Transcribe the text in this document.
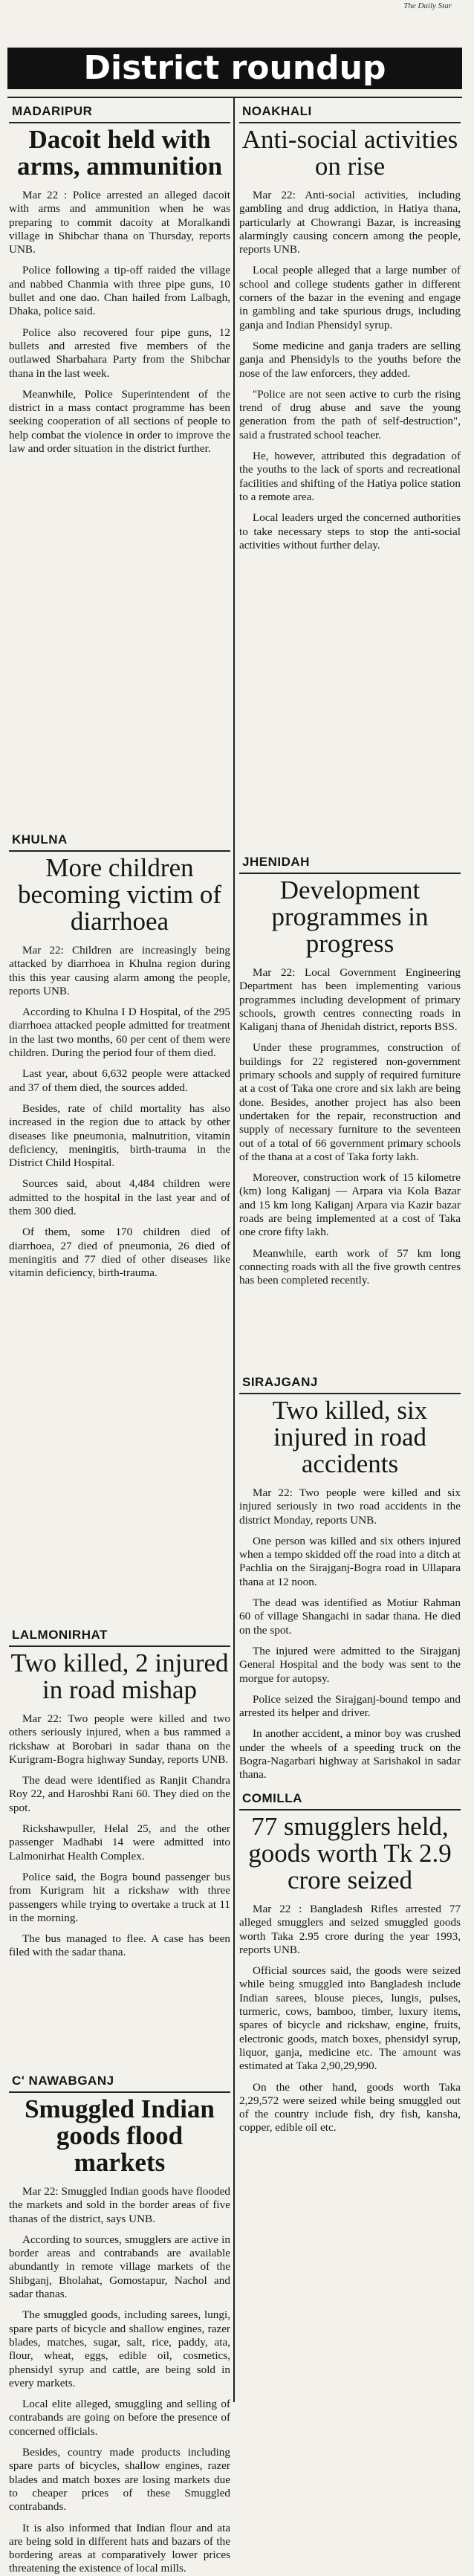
The Daily Star
District roundup
MADARIPUR
Dacoit held with arms, ammunition

Mar 22 : Police arrested an alleged dacoit with arms and ammunition when he was preparing to commit dacoity at Moralkandi village in Shibchar thana on Thursday, reports UNB.

Police following a tip-off raided the village and nabbed Chanmia with three pipe guns, 10 bullet and one dao. Chan hailed from Lalbagh, Dhaka, police said.

Police also recovered four pipe guns, 12 bullets and arrested five members of the outlawed Sharbahara Party from the Shibchar thana in the last week.

Meanwhile, Police Superintendent of the district in a mass contact programme has been seeking cooperation of all sections of people to help combat the violence in order to improve the law and order situation in the district further.

KHULNA
More children becoming victim of diarrhoea

Mar 22: Children are increasingly being attacked by diarrhoea in Khulna region during this this year causing alarm among the people, reports UNB.

According to Khulna I D Hospital, of the 295 diarrhoea attacked people admitted for treatment in the last two months, 60 per cent of them were children. During the period four of them died.

Last year, about 6,632 people were attacked and 37 of them died, the sources added.

Besides, rate of child mortality has also increased in the region due to attack by other diseases like pneumonia, malnutrition, vitamin deficiency, meningitis, birth-trauma in the District Child Hospital.

Sources said, about 4,484 children were admitted to the hospital in the last year and of them 300 died.

Of them, some 170 children died of diarrhoea, 27 died of pneumonia, 26 died of meningitis and 77 died of other diseases like vitamin deficiency, birth-trauma.

LALMONIRHAT
Two killed, 2 injured in road mishap

Mar 22: Two people were killed and two others seriously injured, when a bus rammed a rickshaw at Borobari in sadar thana on the Kurigram-Bogra highway Sunday, reports UNB.

The dead were identified as Ranjit Chandra Roy 22, and Haroshbi Rani 60. They died on the spot.

Rickshawpuller, Helal 25, and the other passenger Madhabi 14 were admitted into Lalmonirhat Health Complex.

Police said, the Bogra bound passenger bus from Kurigram hit a rickshaw with three passengers while trying to overtake a truck at 11 in the morning.

The bus managed to flee. A case has been filed with the sadar thana.

C' NAWABGANJ
Smuggled Indian goods flood markets

Mar 22: Smuggled Indian goods have flooded the markets and sold in the border areas of five thanas of the district, says UNB.

According to sources, smugglers are active in border areas and contrabands are available abundantly in remote village markets of the Shibganj, Bholahat, Gomostapur, Nachol and sadar thanas.

The smuggled goods, including sarees, lungi, spare parts of bicycle and shallow engines, razer blades, matches, sugar, salt, rice, paddy, ata, flour, wheat, eggs, edible oil, cosmetics, phensidyl syrup and cattle, are being sold in every markets.

Local elite alleged, smuggling and selling of contrabands are going on before the presence of concerned officials.

Besides, country made products including spare parts of bicycles, shallow engines, razer blades and match boxes are losing markets due to cheaper prices of these Smuggled contrabands.

It is also informed that Indian flour and ata are being sold in different hats and bazars of the bordering areas at comparatively lower prices threatening the existence of local mills.

NOAKHALI
Anti-social activities on rise

Mar 22: Anti-social activities, including gambling and drug addiction, in Hatiya thana, particularly at Chowrangi Bazar, is increasing alarmingly causing concern among the people, reports UNB.

Local people alleged that a large number of school and college students gather in different corners of the bazar in the evening and engage in gambling and take spurious drugs, including ganja and Indian Phensidyl syrup.

Some medicine and ganja traders are selling ganja and Phensidyls to the youths before the nose of the law enforcers, they added.

"Police are not seen active to curb the rising trend of drug abuse and save the young generation from the path of self-destruction", said a frustrated school teacher.

He, however, attributed this degradation of the youths to the lack of sports and recreational facilities and shifting of the Hatiya police station to a remote area.

Local leaders urged the concerned authorities to take necessary steps to stop the anti-social activities without further delay.

JHENIDAH
Development programmes in progress

Mar 22: Local Government Engineering Department has been implementing various programmes including development of primary schools, growth centres connecting roads in Kaliganj thana of Jhenidah district, reports BSS.

Under these programmes, construction of buildings for 22 registered non-government primary schools and supply of required furniture at a cost of Taka one crore and six lakh are being done. Besides, another project has also been undertaken for the repair, reconstruction and supply of necessary furniture to the seventeen out of a total of 66 government primary schools of the thana at a cost of Taka forty lakh.

Moreover, construction work of 15 kilometre (km) long Kaliganj — Arpara via Kola Bazar and 15 km long Kaliganj Arpara via Kazir bazar roads are being implemented at a cost of Taka one crore fifty lakh.

Meanwhile, earth work of 57 km long connecting roads with all the five growth centres has been completed recently.

SIRAJGANJ
Two killed, six injured in road accidents

Mar 22: Two people were killed and six injured seriously in two road accidents in the district Monday, reports UNB.

One person was killed and six others injured when a tempo skidded off the road into a ditch at Pachlia on the Sirajganj-Bogra road in Ullapara thana at 12 noon.

The dead was identified as Motiur Rahman 60 of village Shangachi in sadar thana. He died on the spot.

The injured were admitted to the Sirajganj General Hospital and the body was sent to the morgue for autopsy.

Police seized the Sirajganj-bound tempo and arrested its helper and driver.

In another accident, a minor boy was crushed under the wheels of a speeding truck on the Bogra-Nagarbari highway at Sarishakol in sadar thana.

COMILLA
77 smugglers held, goods worth Tk 2.9 crore seized

Mar 22 : Bangladesh Rifles arrested 77 alleged smugglers and seized smuggled goods worth Taka 2.95 crore during the year 1993, reports UNB.

Official sources said, the goods were seized while being smuggled into Bangladesh include Indian sarees, blouse pieces, lungis, pulses, turmeric, cows, bamboo, timber, luxury items, spares of bicycle and rickshaw, engine, fruits, electronic goods, match boxes, phensidyl syrup, liquor, ganja, medicine etc. The amount was estimated at Taka 2,90,29,990.

On the other hand, goods worth Taka 2,29,572 were seized while being smuggled out of the country include fish, dry fish, kansha, copper, edible oil etc.
